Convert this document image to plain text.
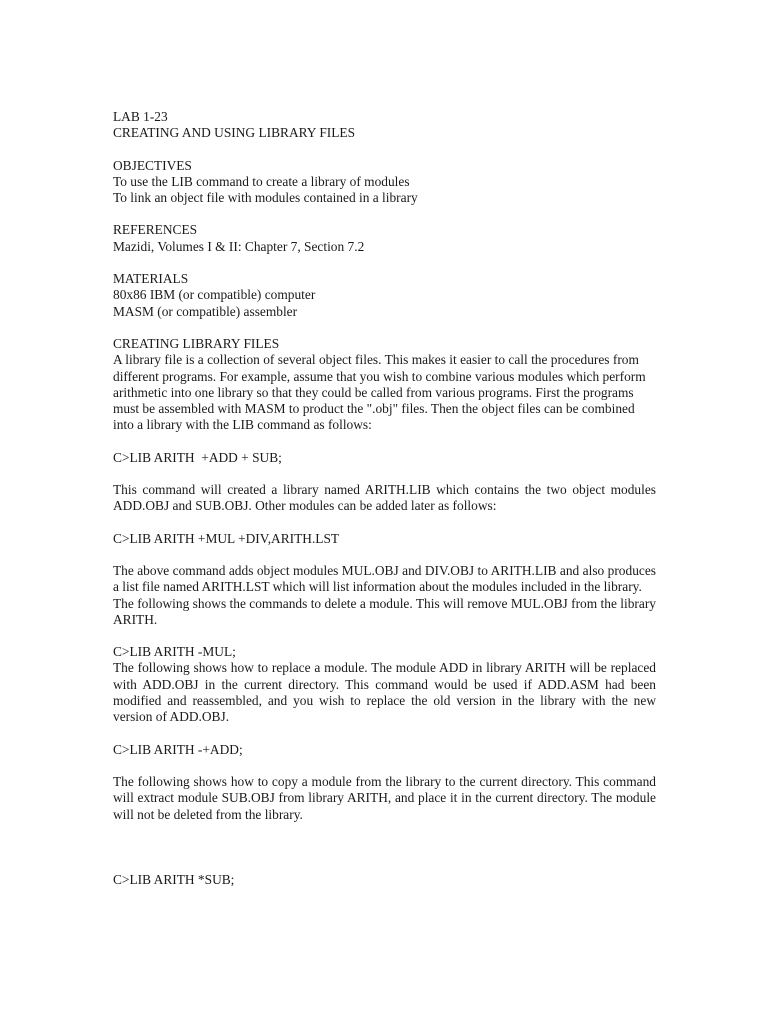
LAB 1-23

CREATING AND USING LIBRARY FILES

OBJECTIVES

To use the LIB command to create a library of modules

To link an object file with modules contained in a library

REFERENCES

Mazidi, Volumes I & II: Chapter 7, Section 7.2

MATERIALS

80x86 IBM (or compatible) computer

MASM (or compatible) assembler

CREATING LIBRARY FILES

A library file is a collection of several object files. This makes it easier to call the procedures from different programs. For example, assume that you wish to combine various modules which perform arithmetic into one library so that they could be called from various programs. First the programs must be assembled with MASM to product the ".obj" files. Then the object files can be combined into a library with the LIB command as follows:

C>LIB ARITH  +ADD + SUB;

This command will created a library named ARITH.LIB which contains the two object modules ADD.OBJ and SUB.OBJ. Other modules can be added later as follows:

C>LIB ARITH +MUL +DIV,ARITH.LST

The above command adds object modules MUL.OBJ and DIV.OBJ to ARITH.LIB and also produces a list file named ARITH.LST which will list information about the modules included in the library.

The following shows the commands to delete a module. This will remove MUL.OBJ from the library ARITH.

C>LIB ARITH -MUL;

The following shows how to replace a module. The module ADD in library ARITH will be replaced with ADD.OBJ in the current directory. This command would be used if ADD.ASM had been modified and reassembled, and you wish to replace the old version in the library with the new version of ADD.OBJ.

C>LIB ARITH -+ADD;

The following shows how to copy a module from the library to the current directory. This command will extract module SUB.OBJ from library ARITH, and place it in the current directory. The module will not be deleted from the library.

C>LIB ARITH *SUB;
